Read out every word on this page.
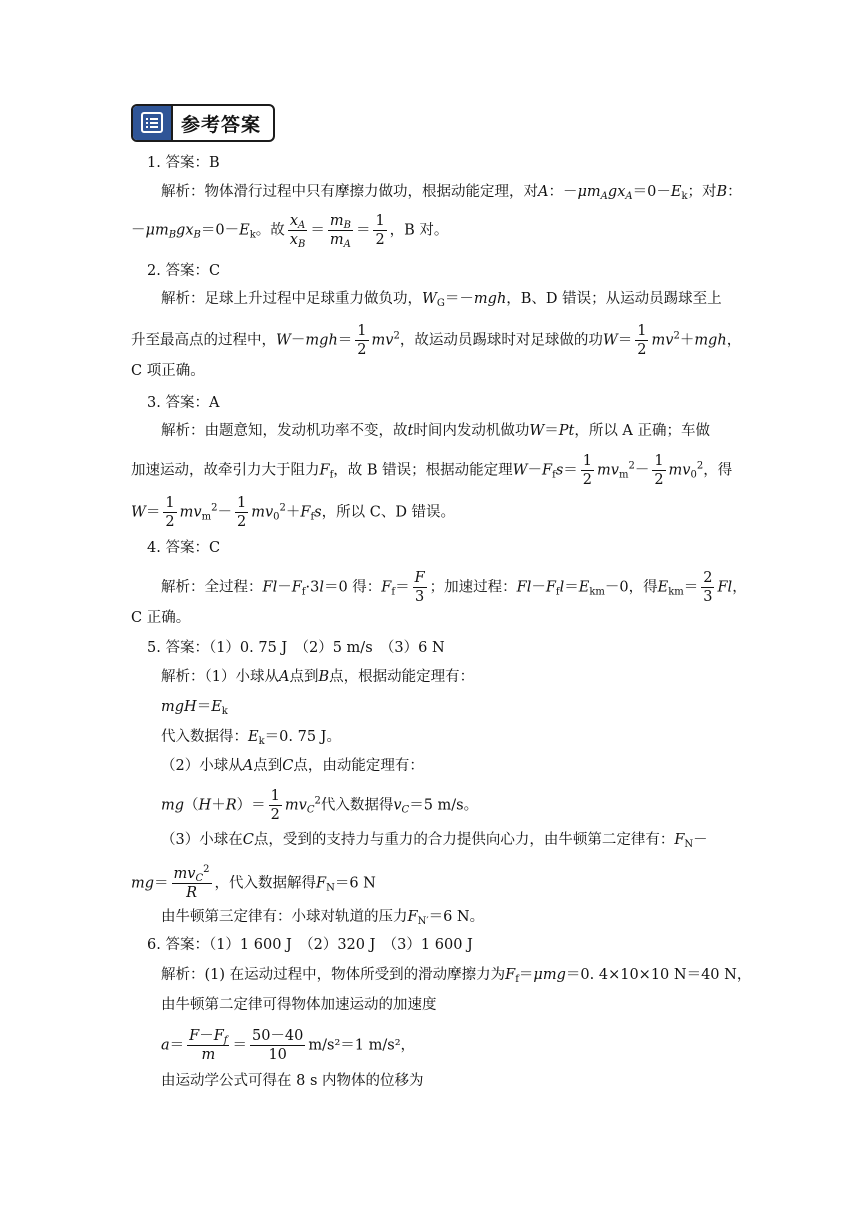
参考答案
1. 答案：B
解析：物体滑行过程中只有摩擦力做功，根据动能定理，对A：$-\mu m_Agx_A=0-E_k$；对B：
$-\mu m_Bgx_B=0-E_k$。故 $\frac{x_A}{x_B} = \frac{m_B}{m_A} = \frac{1}{2}$ ，B 对。
2. 答案：C
解析：足球上升过程中足球重力做负功，$W_G=-mgh$，B、D 错误；从运动员踢球至上
升至最高点的过程中，$W-mgh= \frac{1}{2} mv^2$，故运动员踢球时对足球做的功$W= \frac{1}{2} mv^2+mgh$，
C 项正确。
3. 答案：A
解析：由题意知，发动机功率不变，故t时间内发动机做功W＝Pt，所以 A 正确；车做
加速运动，故牵引力大于阻力$F_f$，故 B 错误；根据动能定理$W-F_fs= \frac{1}{2} mv_m^2- \frac{1}{2} mv_0^2$，得
$W= \frac{1}{2} mv_m^2- \frac{1}{2} mv_0^2+F_fs$，所以 C、D 错误。
4. 答案：C
解析：全过程：$Fl-F_f\cdot 3l=0$ 得：$F_f= \frac{F}{3}$ ；加速过程：$Fl-F_fl=E_{km}-0$，得$E_{km}= \frac{2}{3}$ Fl，
C 正确。
5. 答案：（1）0. 75 J　（2）5 m/s　（3）6 N
解析：（1）小球从A点到B点，根据动能定理有：
$mgH=E_k$
代入数据得：$E_k=0$. 75 J。
（2）小球从A点到C点，由动能定理有：
$mg(H+R)= \frac{1}{2} mv_C^2$代入数据得$v_C=5$ m/s。
（3）小球在C点，受到的支持力与重力的合力提供向心力，由牛顿第二定律有：$F_N-$
$mg= \frac{mv_C^2}{R}$ ，代入数据解得$F_N=6$ N
由牛顿第三定律有：小球对轨道的压力$F_{N'}=6$ N。
6. 答案：（1）1 600 J　（2）320 J　（3）1 600 J
解析：(1) 在运动过程中，物体所受到的滑动摩擦力为$F_f=\mu mg=0$. 4×10×10 N＝40 N，
由牛顿第二定律可得物体加速运动的加速度
$a= \frac{F-F_f}{m} = \frac{50-40}{10} m/s^2=1$ m/s²，
由运动学公式可得在 8 s 内物体的位移为
